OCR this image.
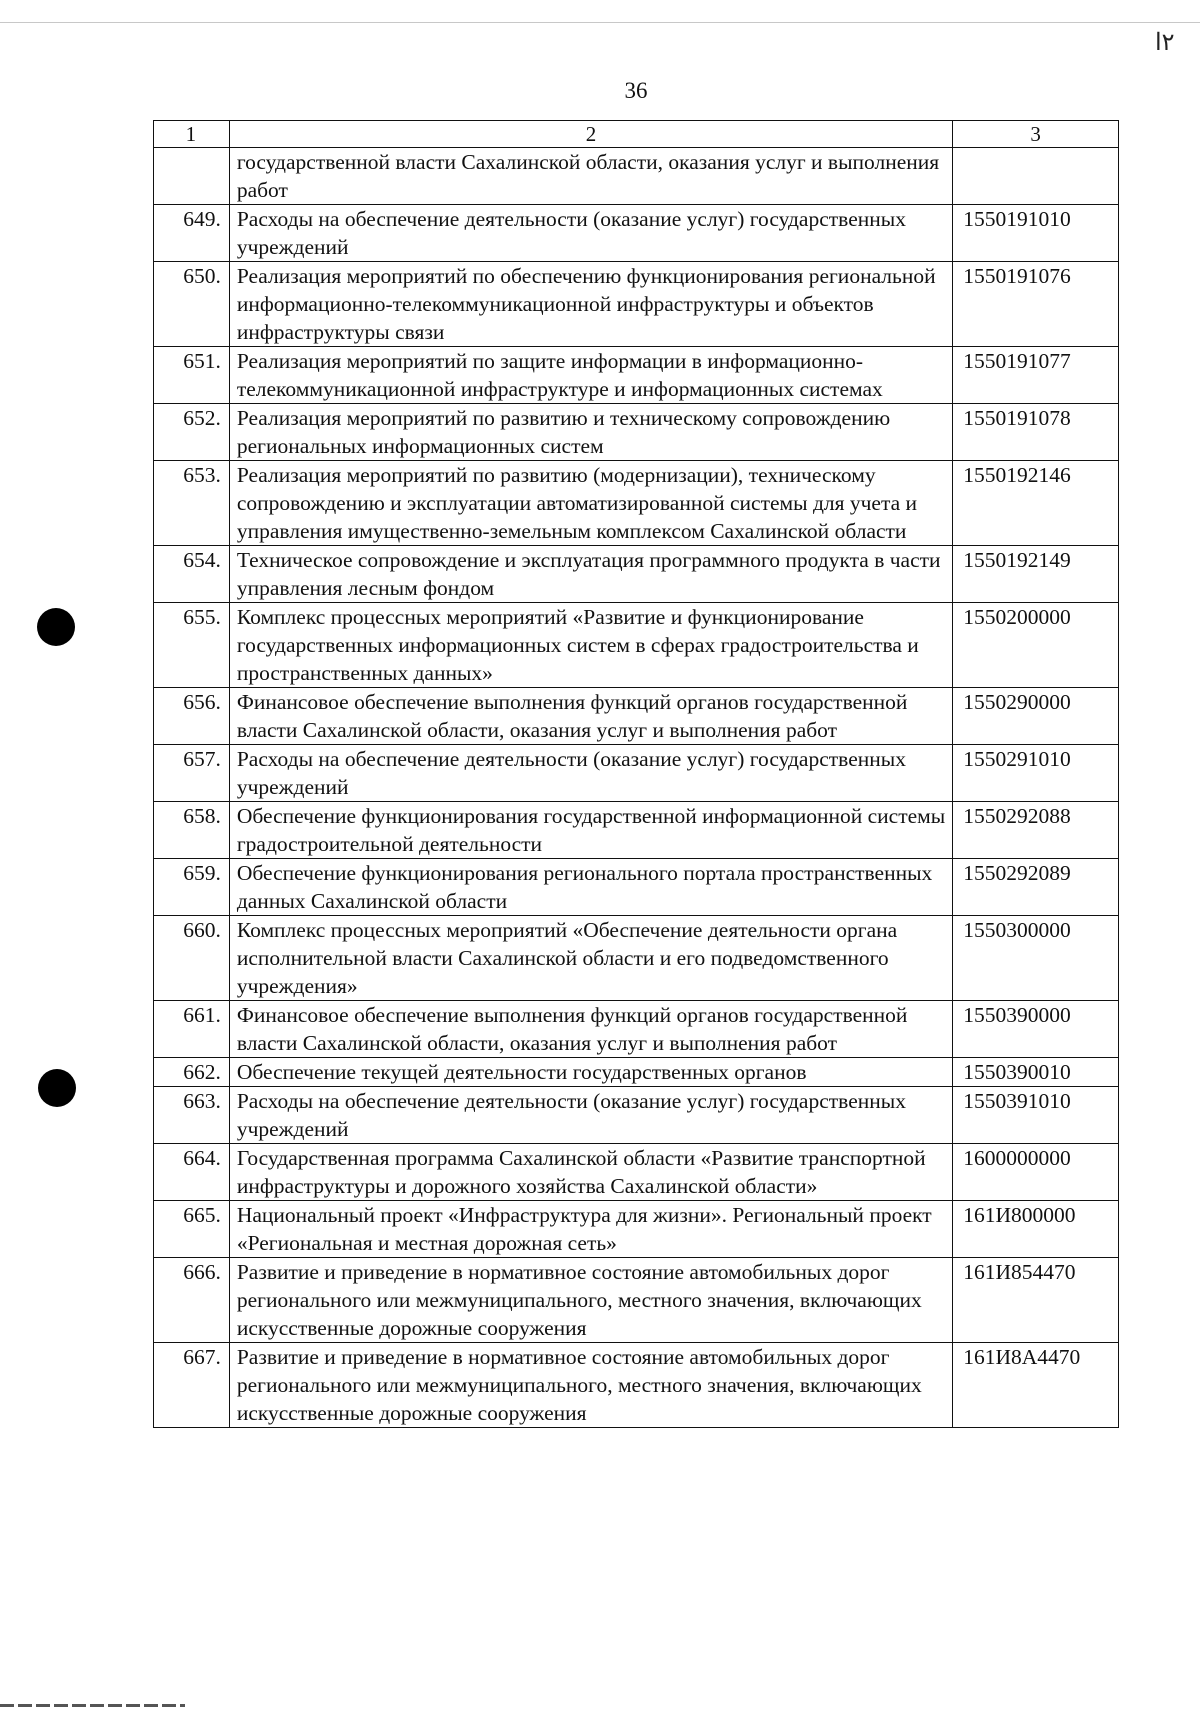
٢ا
36
1	2	3
	государственной власти Сахалинской области, оказания услуг и выполнения работ	
649.	Расходы на обеспечение деятельности (оказание услуг) государственных учреждений	1550191010
650.	Реализация мероприятий по обеспечению функционирования региональной информационно-телекоммуникационной инфраструктуры и объектов инфраструктуры связи	1550191076
651.	Реализация мероприятий по защите информации в информационно-телекоммуникационной инфраструктуре и информационных системах	1550191077
652.	Реализация мероприятий по развитию и техническому сопровождению региональных информационных систем	1550191078
653.	Реализация мероприятий по развитию (модернизации), техническому сопровождению и эксплуатации автоматизированной системы для учета и управления имущественно-земельным комплексом Сахалинской области	1550192146
654.	Техническое сопровождение и эксплуатация программного продукта в части управления лесным фондом	1550192149
655.	Комплекс процессных мероприятий «Развитие и функционирование государственных информационных систем в сферах градостроительства и пространственных данных»	1550200000
656.	Финансовое обеспечение выполнения функций органов государственной власти Сахалинской области, оказания услуг и выполнения работ	1550290000
657.	Расходы на обеспечение деятельности (оказание услуг) государственных учреждений	1550291010
658.	Обеспечение функционирования государственной информационной системы градостроительной деятельности	1550292088
659.	Обеспечение функционирования регионального портала пространственных данных Сахалинской области	1550292089
660.	Комплекс процессных мероприятий «Обеспечение деятельности органа исполнительной власти Сахалинской области и его подведомственного учреждения»	1550300000
661.	Финансовое обеспечение выполнения функций органов государственной власти Сахалинской области, оказания услуг и выполнения работ	1550390000
662.	Обеспечение текущей деятельности государственных органов	1550390010
663.	Расходы на обеспечение деятельности (оказание услуг) государственных учреждений	1550391010
664.	Государственная программа Сахалинской области «Развитие транспортной инфраструктуры и дорожного хозяйства Сахалинской области»	1600000000
665.	Национальный проект «Инфраструктура для жизни». Региональный проект «Региональная и местная дорожная сеть»	161И800000
666.	Развитие и приведение в нормативное состояние автомобильных дорог регионального или межмуниципального, местного значения, включающих искусственные дорожные сооружения	161И854470
667.	Развитие и приведение в нормативное состояние автомобильных дорог регионального или межмуниципального, местного значения, включающих искусственные дорожные сооружения	161И8А4470
